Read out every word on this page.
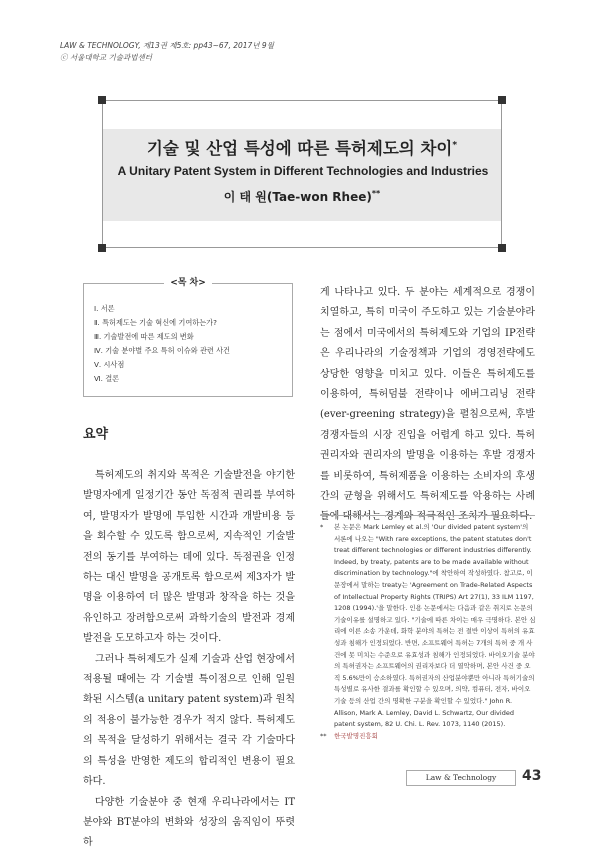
LAW & TECHNOLOGY, 제13권 제5호: pp43~67, 2017년 9월
ⓒ 서울대학교 기술과법센터
기술 및 산업 특성에 따른 특허제도의 차이*
A Unitary Patent System in Different Technologies and Industries
이 태 원(Tae-won Rhee)**
<목 차>
Ⅰ. 서론
Ⅱ. 특허제도는 기술 혁신에 기여하는가?
Ⅲ. 기술발전에 따른 제도의 변화
Ⅳ. 기술 분야별 주요 특허 이슈와 관련 사건
Ⅴ. 시사점
Ⅵ. 결론
요약

특허제도의 취지와 목적은 기술발전을 야기한 발명자에게 일정기간 동안 독점적 권리를 부여하여, 발명자가 발명에 투입한 시간과 개발비용 등을 회수할 수 있도록 함으로써, 지속적인 기술발전의 동기를 부여하는 데에 있다. 독점권을 인정하는 대신 발명을 공개토록 함으로써 제3자가 발명을 이용하여 더 많은 발명과 창작을 하는 것을 유인하고 장려함으로써 과학기술의 발전과 경제 발전을 도모하고자 하는 것이다.

그러나 특허제도가 실제 기술과 산업 현장에서 적용될 때에는 각 기술별 특이점으로 인해 일원화된 시스템(a unitary patent system)과 원칙의 적용이 불가능한 경우가 적지 않다. 특허제도의 목적을 달성하기 위해서는 결국 각 기술마다의 특성을 반영한 제도의 합리적인 변용이 필요하다.

다양한 기술분야 중 현재 우리나라에서는 IT분야와 BT분야의 변화와 성장의 움직임이 뚜렷하

게 나타나고 있다. 두 분야는 세계적으로 경쟁이 치열하고, 특히 미국이 주도하고 있는 기술분야라는 점에서 미국에서의 특허제도와 기업의 IP전략은 우리나라의 기술정책과 기업의 경영전략에도 상당한 영향을 미치고 있다. 이들은 특허제도를 이용하여, 특허덤불 전략이나 에버그리닝 전략(ever-greening strategy)을 펼침으로써, 후발경쟁자들의 시장 진입을 어렵게 하고 있다. 특허권리자와 권리자의 발명을 이용하는 후발 경쟁자를 비롯하여, 특허제품을 이용하는 소비자의 후생 간의 균형을 위해서도 특허제도를 악용하는 사례들에 대해서는 경계와 적극적인 조치가 필요하다.
*	본 논문은 Mark Lemley et al.의 'Our divided patent system'의 서론에 나오는 "With rare exceptions, the patent statutes don't treat different technologies or different industries differently. Indeed, by treaty, patents are to be made available without discrimination by technology."에 착안하여 작성하였다. 참고로, 이 문장에서 말하는 treaty는 'Agreement on Trade-Related Aspects of Intellectual Property Rights (TRIPS) Art 27(1), 33 ILM 1197, 1208 (1994).'을 말한다. 인용 논문에서는 다음과 같은 취지로 논문의 기술이유를 설명하고 있다. "기술에 따른 차이는 매우 극명하다. 본안 심리에 이른 소송 가운데, 화학 분야의 특허는 전 절반 이상이 특허의 유효성과 침해가 인정되었다. 반면, 소프트웨어 특허는 7개의 특허 중 개 사건에 못 미치는 수준으로 유효성과 침해가 인정되었다. 바이오기술 분야의 특허권자는 소프트웨어의 권리자보다 더 열악하며, 본안 사건 중 오직 5.6%만이 승소하였다. 특허권자의 산업분야뿐만 아니라 특허기술의 특성별로 유사한 결과를 확인할 수 있으며, 의약, 컴퓨터, 전자, 바이오기술 등의 산업 간의 명확한 구분을 확인할 수 있었다." John R. Allison, Mark A. Lemley, David L. Schwartz, Our divided patent system, 82 U. Chi. L. Rev. 1073, 1140 (2015).
**	한국발명진흥회
Law & Technology	43
